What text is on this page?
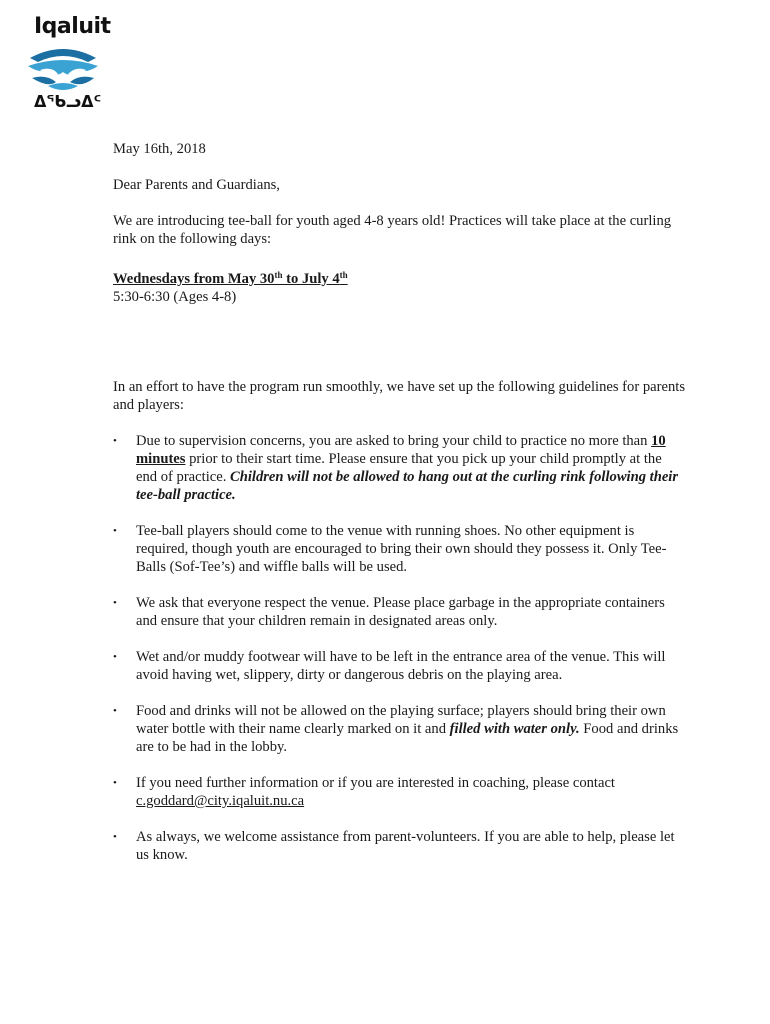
Iqaluit
ᐃᖃᓗᐃᑦ

May 16th, 2018

Dear Parents and Guardians,

We are introducing tee-ball for youth aged 4-8 years old! Practices will take place at the curling rink on the following days:

Wednesdays from May 30th to July 4th

5:30-6:30 (Ages 4-8)

In an effort to have the program run smoothly, we have set up the following guidelines for parents and players:

• Due to supervision concerns, you are asked to bring your child to practice no more than 10 minutes prior to their start time. Please ensure that you pick up your child promptly at the end of practice. Children will not be allowed to hang out at the curling rink following their tee-ball practice.
• Tee-ball players should come to the venue with running shoes. No other equipment is required, though youth are encouraged to bring their own should they possess it. Only Tee-Balls (Sof-Tee’s) and wiffle balls will be used.
• We ask that everyone respect the venue. Please place garbage in the appropriate containers and ensure that your children remain in designated areas only.
• Wet and/or muddy footwear will have to be left in the entrance area of the venue. This will avoid having wet, slippery, dirty or dangerous debris on the playing area.
• Food and drinks will not be allowed on the playing surface; players should bring their own water bottle with their name clearly marked on it and filled with water only. Food and drinks are to be had in the lobby.
• If you need further information or if you are interested in coaching, please contact c.goddard@city.iqaluit.nu.ca
• As always, we welcome assistance from parent-volunteers. If you are able to help, please let us know.
